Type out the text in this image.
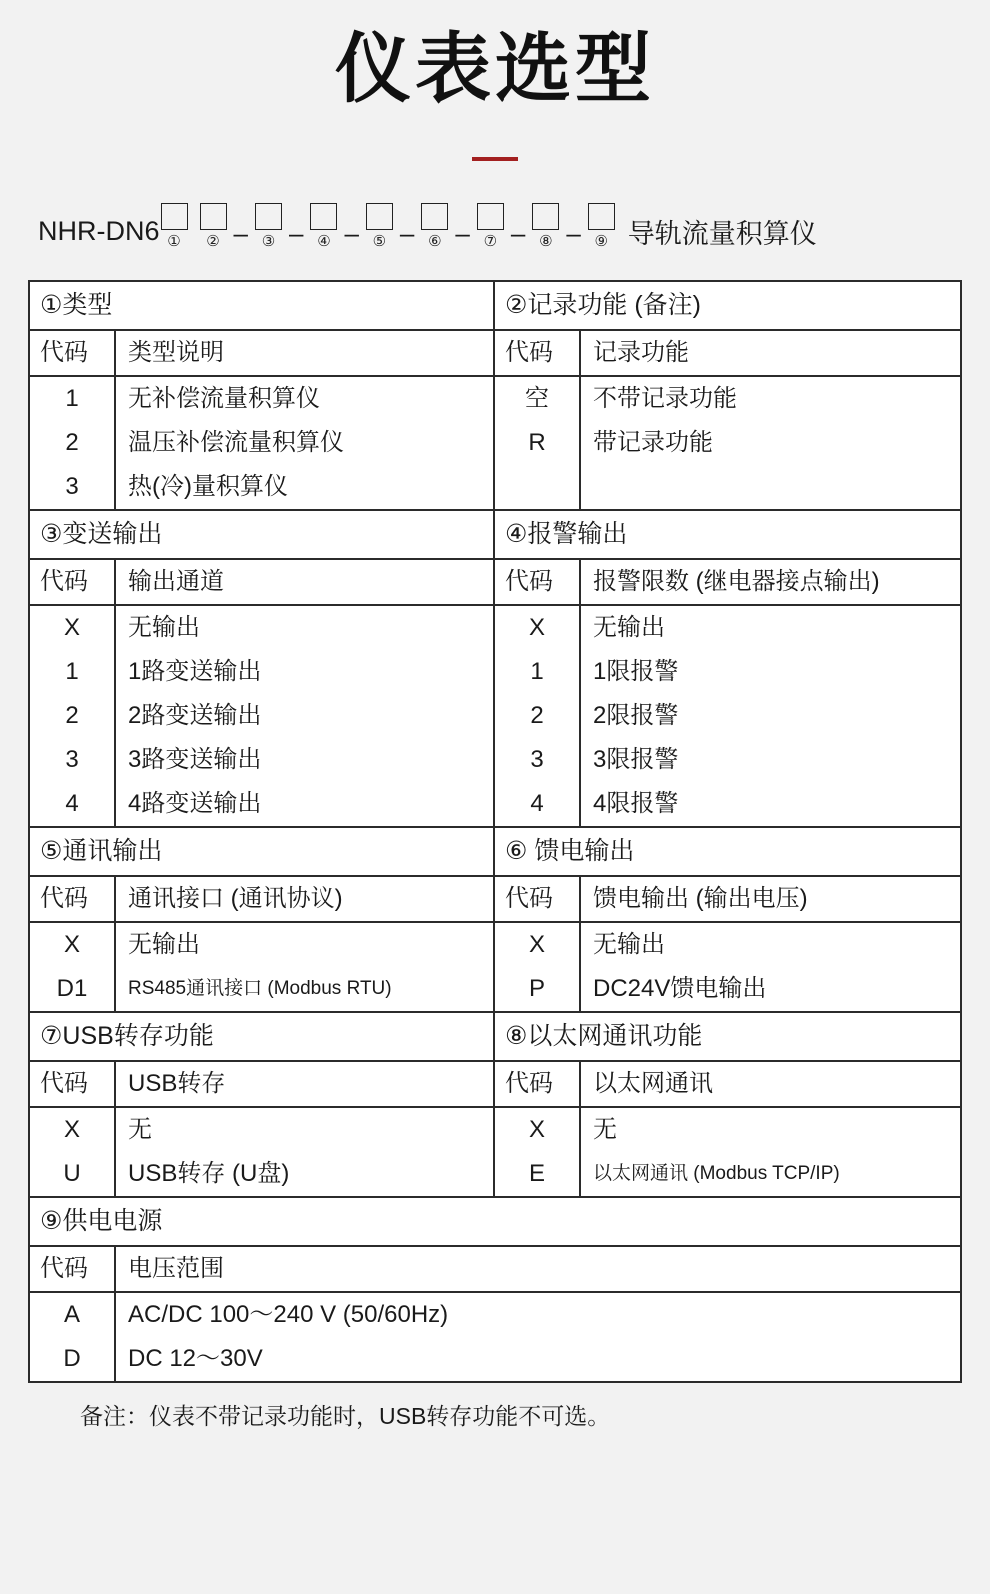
仪表选型
NHR-DN6 ① ② – ③ – ④ – ⑤ – ⑥ – ⑦ – ⑧ – ⑨ 导轨流量积算仪
①类型
代码	类型说明
1	无补偿流量积算仪
2	温压补偿流量积算仪
3	热(冷)量积算仪
②记录功能 (备注)
代码	记录功能
空	不带记录功能
R	带记录功能

③变送输出
代码	输出通道
X	无输出
1	1路变送输出
2	2路变送输出
3	3路变送输出
4	4路变送输出
④报警输出
代码	报警限数 (继电器接点输出)
X	无输出
1	1限报警
2	2限报警
3	3限报警
4	4限报警
⑤通讯输出
代码	通讯接口 (通讯协议)
X	无输出
D1	RS485通讯接口 (Modbus RTU)
⑥ 馈电输出
代码	馈电输出 (输出电压)
X	无输出
P	DC24V馈电输出
⑦USB转存功能
代码	USB转存
X	无
U	USB转存 (U盘)
⑧以太网通讯功能
代码	以太网通讯
X	无
E	以太网通讯 (Modbus TCP/IP)
⑨供电电源
代码	电压范围
A	AC/DC 100～240 V (50/60Hz)
D	DC 12～30V
备注：仪表不带记录功能时，USB转存功能不可选。
